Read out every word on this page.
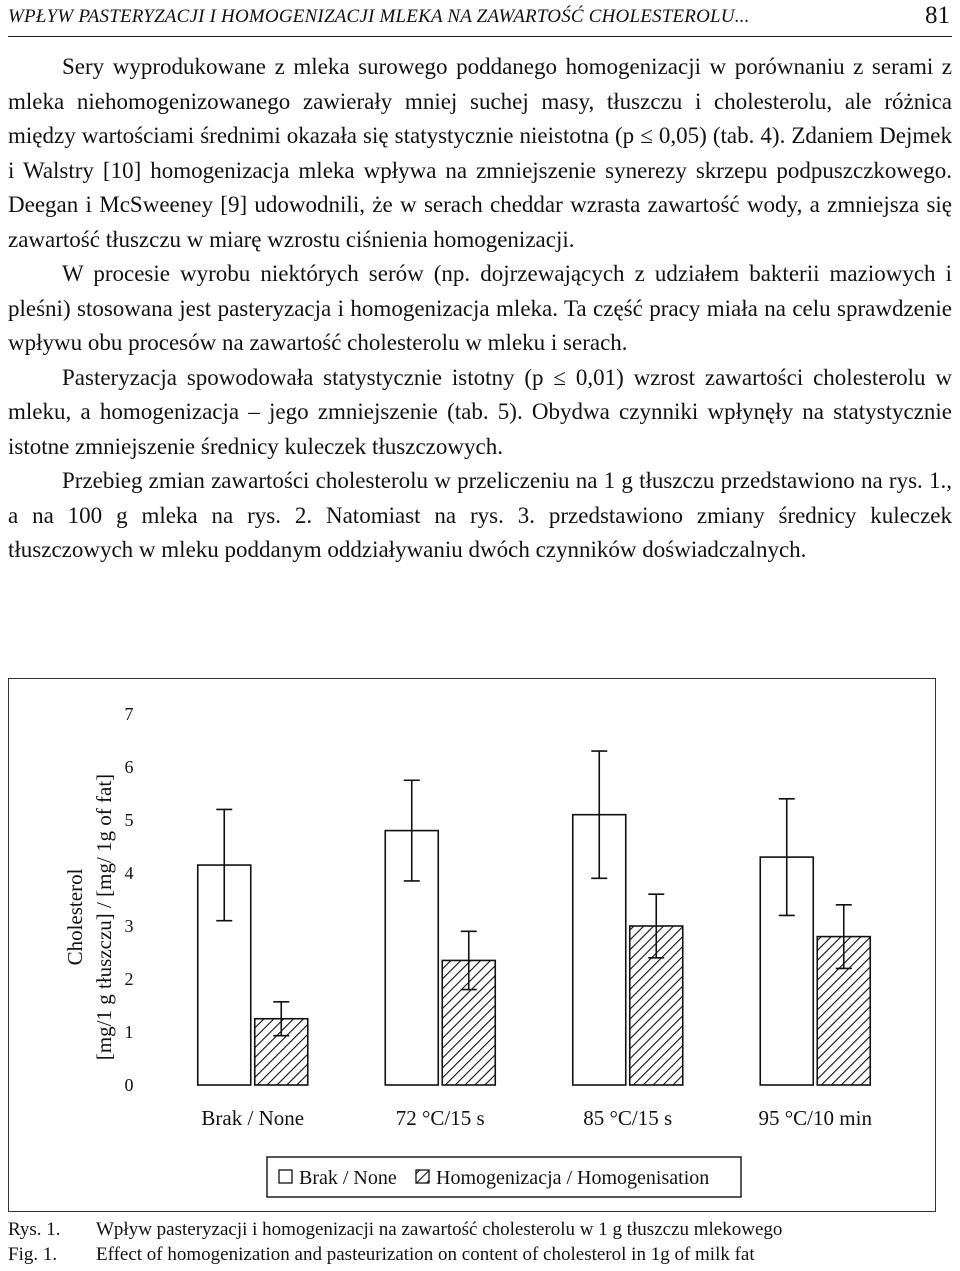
WPŁYW PASTERYZACJI I HOMOGENIZACJI MLEKA NA ZAWARTOŚĆ CHOLESTEROLU...	81

Sery wyprodukowane z mleka surowego poddanego homogenizacji w porównaniu z serami z mleka niehomogenizowanego zawierały mniej suchej masy, tłuszczu i cholesterolu, ale różnica między wartościami średnimi okazała się statystycznie nieistotna (p ≤ 0,05) (tab. 4). Zdaniem Dejmek i Walstry [10] homogenizacja mleka wpływa na zmniejszenie synerezy skrzepu podpuszczkowego. Deegan i McSweeney [9] udowodnili, że w serach cheddar wzrasta zawartość wody, a zmniejsza się zawartość tłuszczu w miarę wzrostu ciśnienia homogenizacji.

W procesie wyrobu niektórych serów (np. dojrzewających z udziałem bakterii maziowych i pleśni) stosowana jest pasteryzacja i homogenizacja mleka. Ta część pracy miała na celu sprawdzenie wpływu obu procesów na zawartość cholesterolu w mleku i serach.

Pasteryzacja spowodowała statystycznie istotny (p ≤ 0,01) wzrost zawartości cholesterolu w mleku, a homogenizacja – jego zmniejszenie (tab. 5). Obydwa czynniki wpłynęły na statystycznie istotne zmniejszenie średnicy kuleczek tłuszczowych.

Przebieg zmian zawartości cholesterolu w przeliczeniu na 1 g tłuszczu przedstawiono na rys. 1., a na 100 g mleka na rys. 2. Natomiast na rys. 3. przedstawiono zmiany średnicy kuleczek tłuszczowych w mleku poddanym oddziaływaniu dwóch czynników doświadczalnych.

Cholesterol [mg/1 g tłuszczu] / [mg/ 1g of fat]
0
1
2
3
4
5
6
7
Brak / None	72 °C/15 s	85 °C/15 s	95 °C/10 min
Brak / None Homogenizacja / Homogenisation
Rys. 1. Wpływ pasteryzacji i homogenizacji na zawartość cholesterolu w 1 g tłuszczu mlekowego
Fig. 1. Effect of homogenization and pasteurization on content of cholesterol in 1g of milk fat
